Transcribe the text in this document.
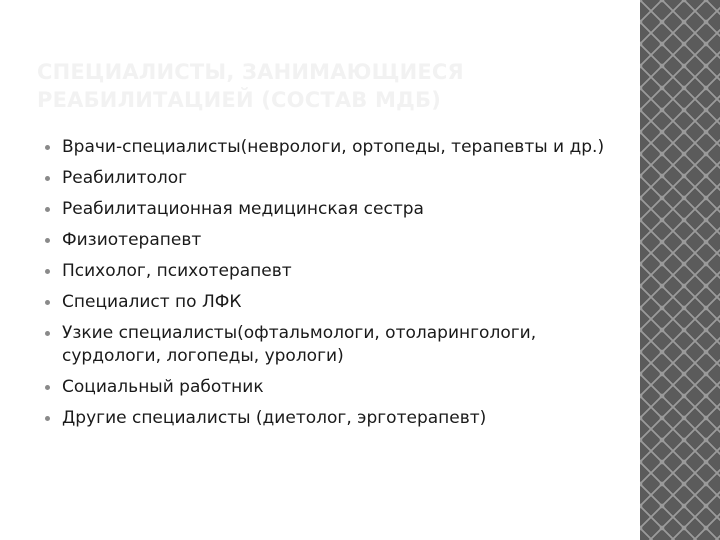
СПЕЦИАЛИСТЫ, ЗАНИМАЮЩИЕСЯ РЕАБИЛИТАЦИЕЙ (СОСТАВ МДБ)
Врачи-специалисты(неврологи, ортопеды, терапевты и др.)
Реабилитолог
Реабилитационная медицинская сестра
Физиотерапевт
Психолог, психотерапевт
Специалист по ЛФК
Узкие специалисты(офтальмологи, отоларингологи, сурдологи, логопеды, урологи)
Социальный работник
Другие специалисты (диетолог, эрготерапевт)
